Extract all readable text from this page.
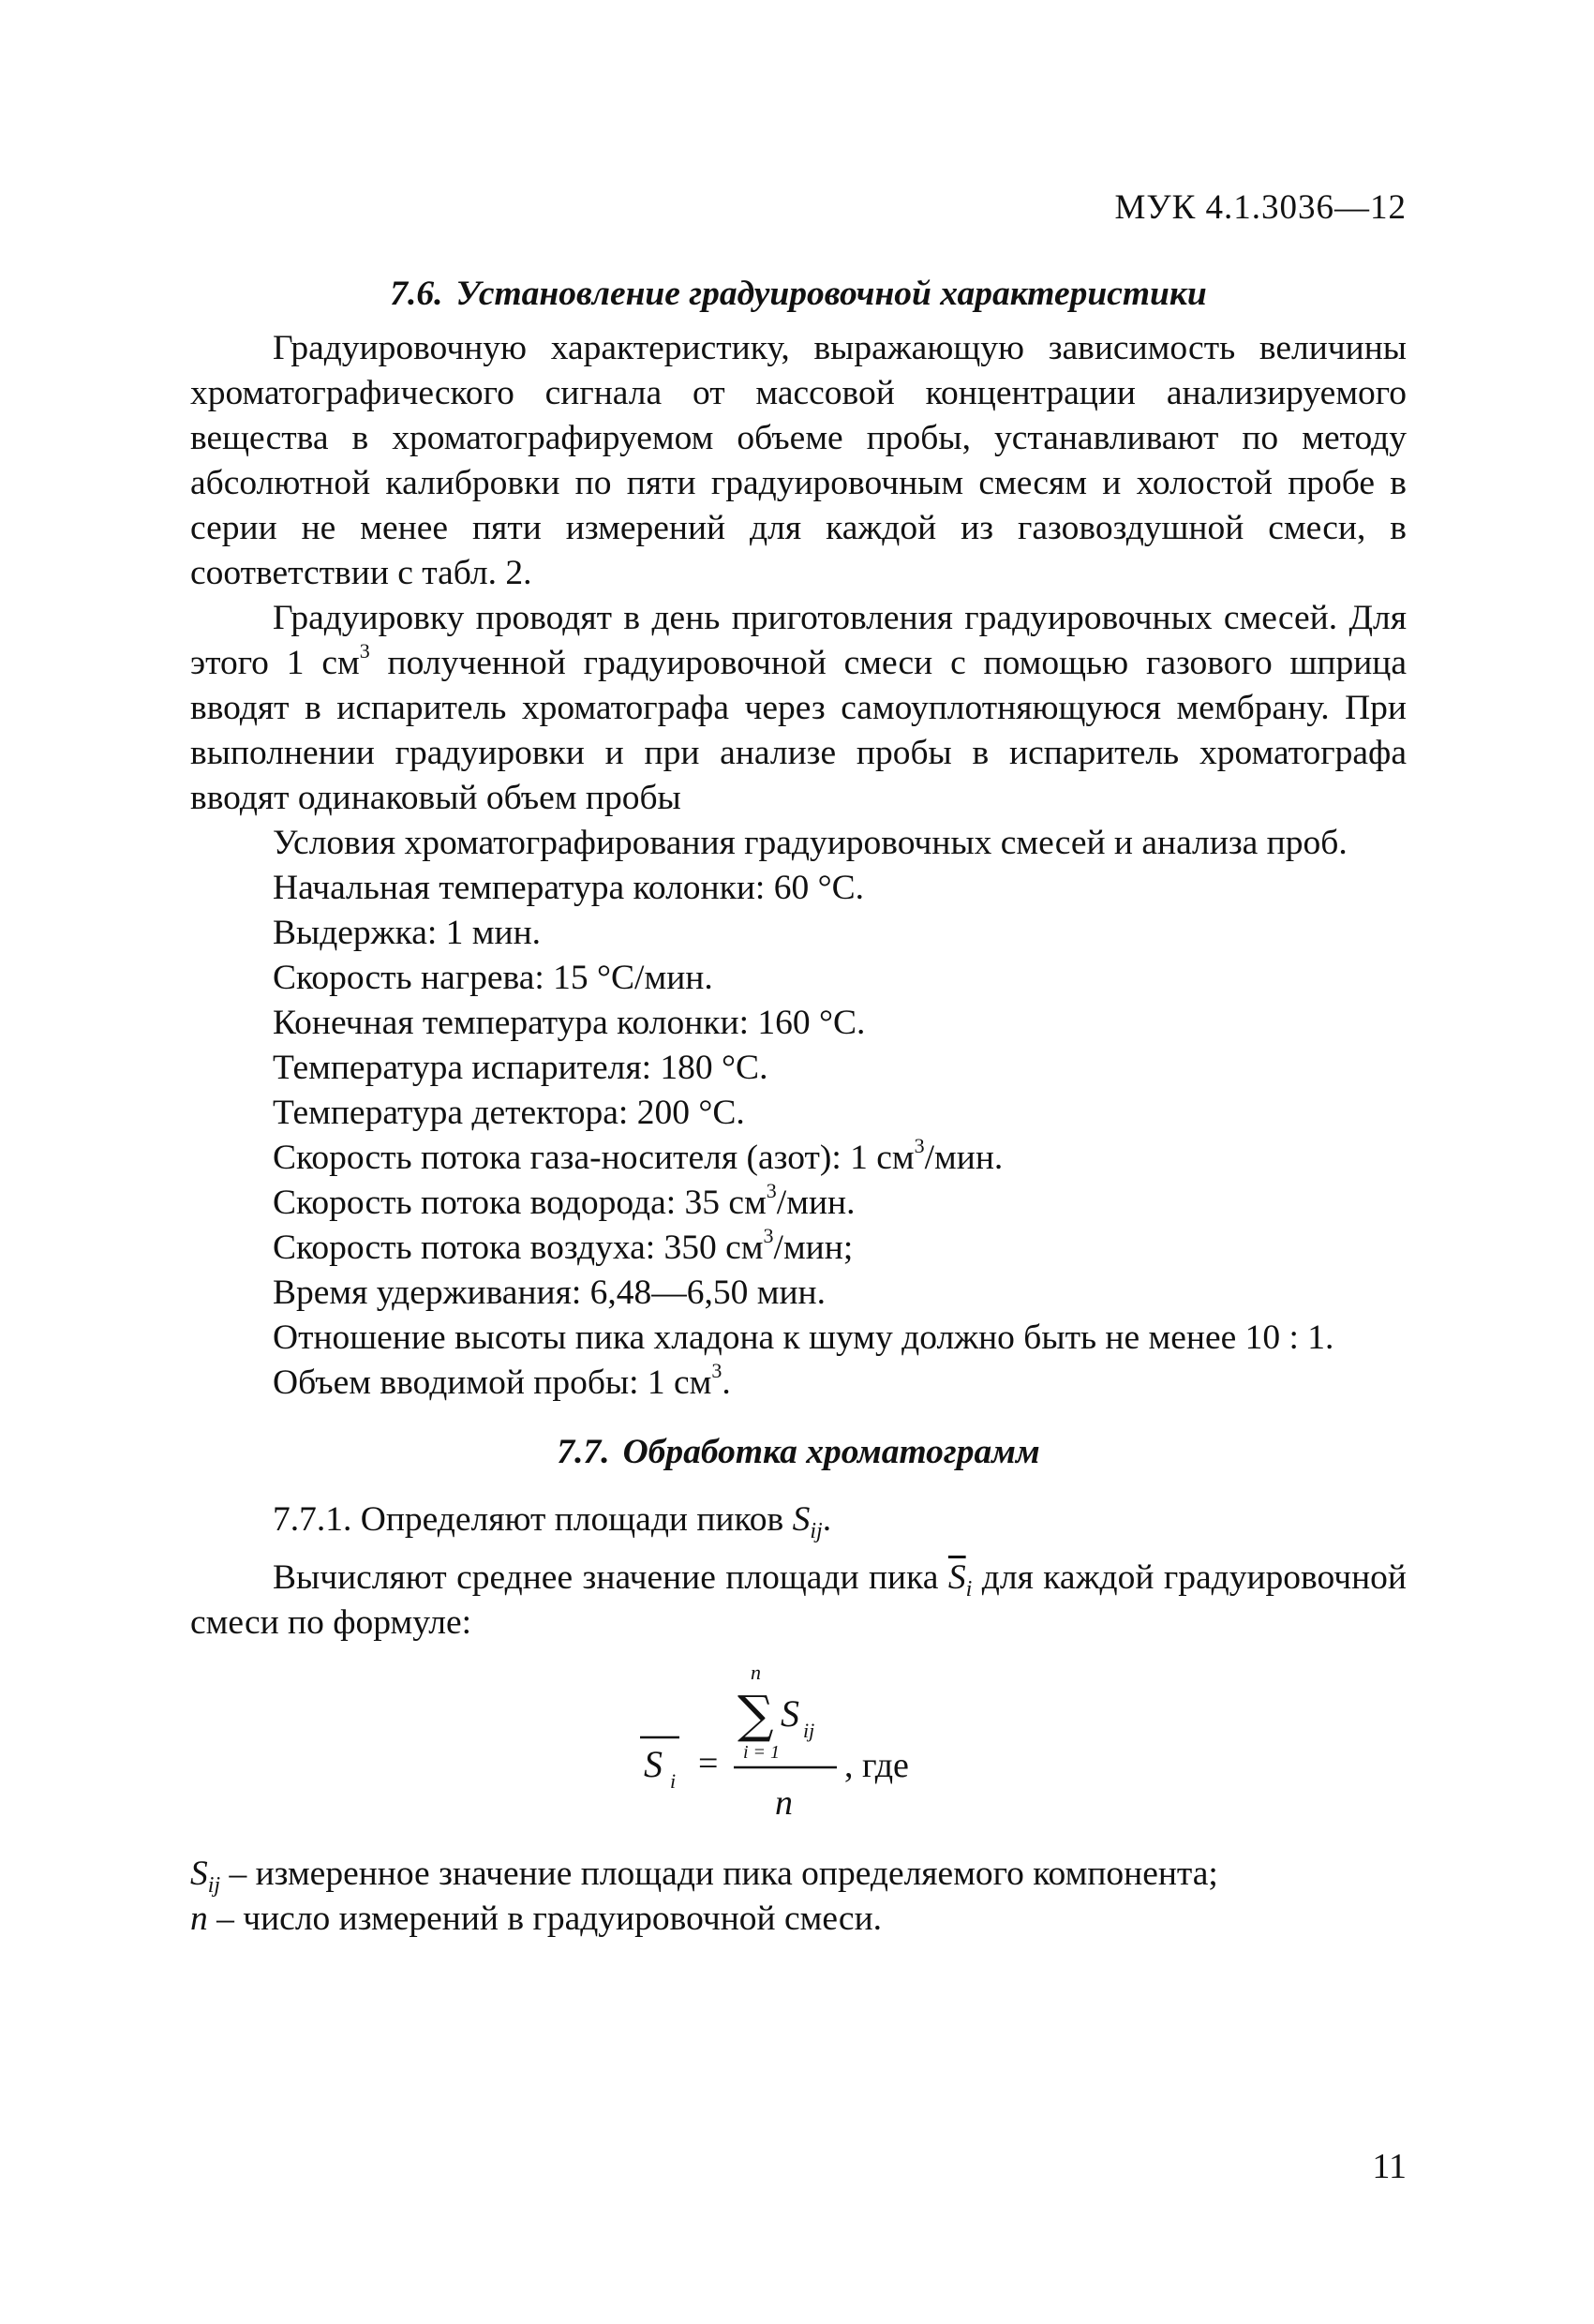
МУК 4.1.3036—12
7.6. Установление градуировочной характеристики

Градуировочную характеристику, выражающую зависимость величины хроматографического сигнала от массовой концентрации анализируемого вещества в хроматографируемом объеме пробы, устанавливают по методу абсолютной калибровки по пяти градуировочным смесям и холостой пробе в серии не менее пяти измерений для каждой из газовоздушной смеси, в соответствии с табл. 2.

Градуировку проводят в день приготовления градуировочных смесей. Для этого 1 $см^3$ полученной градуировочной смеси с помощью газового шприца вводят в испаритель хроматографа через самоуплотняющуюся мембрану. При выполнении градуировки и при анализе пробы в испаритель хроматографа вводят одинаковый объем пробы

Условия хроматографирования градуировочных смесей и анализа проб.

Начальная температура колонки: 60 °С.

Выдержка: 1 мин.

Скорость нагрева: 15 °С/мин.

Конечная температура колонки: 160 °С.

Температура испарителя: 180 °С.

Температура детектора: 200 °С.

Скорость потока газа-носителя (азот): 1 $см^3$/мин.

Скорость потока водорода: 35 $см^3$/мин.

Скорость потока воздуха: 350 $см^3$/мин;

Время удерживания: 6,48—6,50 мин.

Отношение высоты пика хладона к шуму должно быть не менее 10 : 1.

Объем вводимой пробы: 1 $см^3$.

7.7. Обработка хроматограмм

7.7.1. Определяют площади пиков $S_{ij}$.

Вычисляют среднее значение площади пика $\overline{S}_i$ для каждой градуировочной смеси по формуле:

S i =
n
∑ S ij
i = 1
n
, где

$S_{ij}$ – измеренное значение площади пика определяемого компонента;

n – число измерений в градуировочной смеси.

11
